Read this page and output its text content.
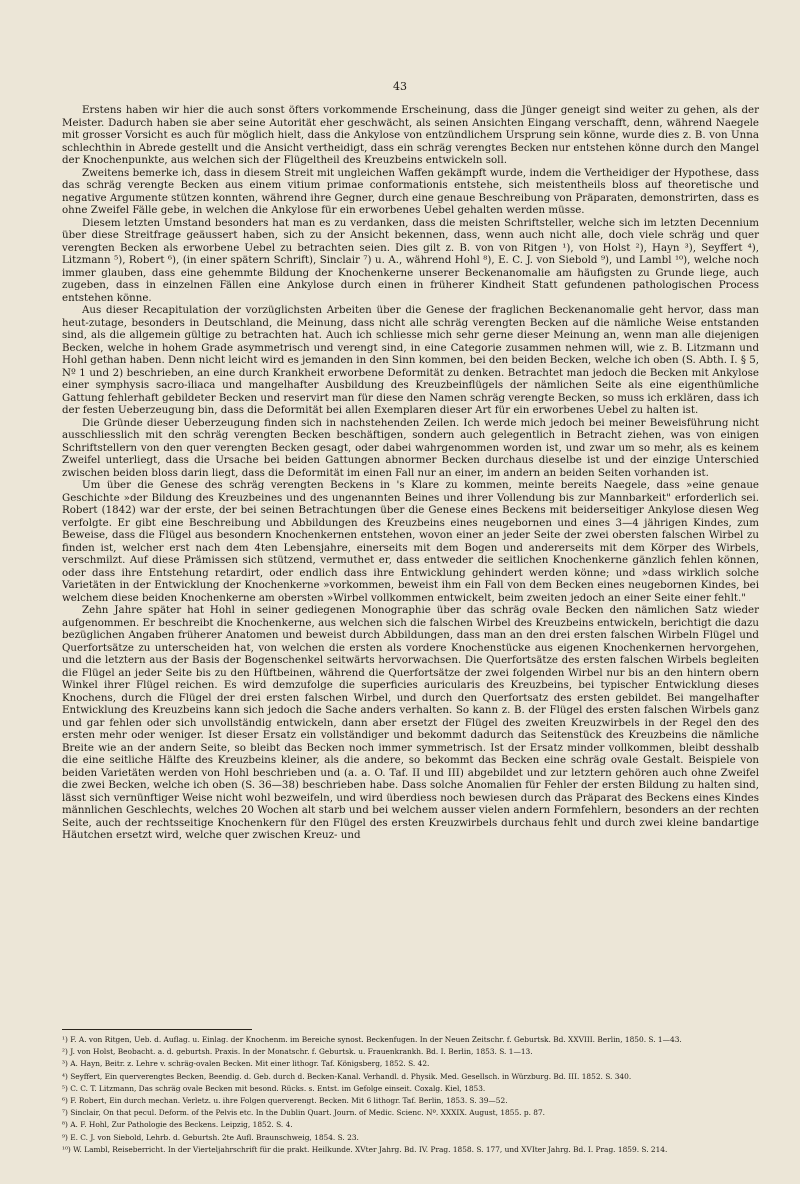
43

Erstens haben wir hier die auch sonst öfters vorkommende Erscheinung, dass die Jünger geneigt sind weiter zu gehen, als der Meister. Dadurch haben sie aber seine Autorität eher geschwächt, als seinen Ansichten Eingang verschafft, denn, während Naegele mit grosser Vorsicht es auch für möglich hielt, dass die Ankylose von entzündlichem Ursprung sein könne, wurde dies z. B. von Unna schlechthin in Abrede gestellt und die Ansicht vertheidigt, dass ein schräg verengtes Becken nur entstehen könne durch den Mangel der Knochenpunkte, aus welchen sich der Flügeltheil des Kreuzbeins entwickeln soll.

Zweitens bemerke ich, dass in diesem Streit mit ungleichen Waffen gekämpft wurde, indem die Vertheidiger der Hypothese, dass das schräg verengte Becken aus einem vitium primae conformationis entstehe, sich meistentheils bloss auf theoretische und negative Argumente stützen konnten, während ihre Gegner, durch eine genaue Beschreibung von Präparaten, demonstrirten, dass es ohne Zweifel Fälle gebe, in welchen die Ankylose für ein erworbenes Uebel gehalten werden müsse.

Diesem letzten Umstand besonders hat man es zu verdanken, dass die meisten Schriftsteller, welche sich im letzten Decennium über diese Streitfrage geäussert haben, sich zu der Ansicht bekennen, dass, wenn auch nicht alle, doch viele schräg und quer verengten Becken als erworbene Uebel zu betrachten seien. Dies gilt z. B. von von Ritgen ¹), von Holst ²), Hayn ³), Seyffert ⁴), Litzmann ⁵), Robert ⁶), (in einer spätern Schrift), Sinclair ⁷) u. A., während Hohl ⁸), E. C. J. von Siebold ⁹), und Lambl ¹⁰), welche noch immer glauben, dass eine gehemmte Bildung der Knochenkerne unserer Beckenanomalie am häufigsten zu Grunde liege, auch zugeben, dass in einzelnen Fällen eine Ankylose durch einen in früherer Kindheit Statt gefundenen pathologischen Process entstehen könne.

Aus dieser Recapitulation der vorzüglichsten Arbeiten über die Genese der fraglichen Beckenanomalie geht hervor, dass man heut-zutage, besonders in Deutschland, die Meinung, dass nicht alle schräg verengten Becken auf die nämliche Weise entstanden sind, als die allgemein gültige zu betrachten hat. Auch ich schliesse mich sehr gerne dieser Meinung an, wenn man alle diejenigen Becken, welche in hohem Grade asymmetrisch und verengt sind, in eine Categorie zusammen nehmen will, wie z. B. Litzmann und Hohl gethan haben. Denn nicht leicht wird es jemanden in den Sinn kommen, bei den beiden Becken, welche ich oben (S. Abth. I. § 5, Nº 1 und 2) beschrieben, an eine durch Krankheit erworbene Deformität zu denken. Betrachtet man jedoch die Becken mit Ankylose einer symphysis sacro-iliaca und mangelhafter Ausbildung des Kreuzbeinflügels der nämlichen Seite als eine eigenthümliche Gattung fehlerhaft gebildeter Becken und reservirt man für diese den Namen schräg verengte Becken, so muss ich erklären, dass ich der festen Ueberzeugung bin, dass die Deformität bei allen Exemplaren dieser Art für ein erworbenes Uebel zu halten ist.

Die Gründe dieser Ueberzeugung finden sich in nachstehenden Zeilen. Ich werde mich jedoch bei meiner Beweisführung nicht ausschliesslich mit den schräg verengten Becken beschäftigen, sondern auch gelegentlich in Betracht ziehen, was von einigen Schriftstellern von den quer verengten Becken gesagt, oder dabei wahrgenommen worden ist, und zwar um so mehr, als es keinem Zweifel unterliegt, dass die Ursache bei beiden Gattungen abnormer Becken durchaus dieselbe ist und der einzige Unterschied zwischen beiden bloss darin liegt, dass die Deformität im einen Fall nur an einer, im andern an beiden Seiten vorhanden ist.

Um über die Genese des schräg verengten Beckens in 's Klare zu kommen, meinte bereits Naegele, dass »eine genaue Geschichte »der Bildung des Kreuzbeines und des ungenannten Beines und ihrer Vollendung bis zur Mannbarkeit" erforderlich sei. Robert (1842) war der erste, der bei seinen Betrachtungen über die Genese eines Beckens mit beiderseitiger Ankylose diesen Weg verfolgte. Er gibt eine Beschreibung und Abbildungen des Kreuzbeins eines neugebornen und eines 3—4 jährigen Kindes, zum Beweise, dass die Flügel aus besondern Knochenkernen entstehen, wovon einer an jeder Seite der zwei obersten falschen Wirbel zu finden ist, welcher erst nach dem 4ten Lebensjahre, einerseits mit dem Bogen und andererseits mit dem Körper des Wirbels, verschmilzt. Auf diese Prämissen sich stützend, vermuthet er, dass entweder die seitlichen Knochenkerne gänzlich fehlen können, oder dass ihre Entstehung retardirt, oder endlich dass ihre Entwicklung gehindert werden könne; und »dass wirklich solche Varietäten in der Entwicklung der Knochenkerne »vorkommen, beweist ihm ein Fall von dem Becken eines neugebornen Kindes, bei welchem diese beiden Knochenkerne am obersten »Wirbel vollkommen entwickelt, beim zweiten jedoch an einer Seite einer fehlt."

Zehn Jahre später hat Hohl in seiner gediegenen Monographie über das schräg ovale Becken den nämlichen Satz wieder aufgenommen. Er beschreibt die Knochenkerne, aus welchen sich die falschen Wirbel des Kreuzbeins entwickeln, berichtigt die dazu bezüglichen Angaben früherer Anatomen und beweist durch Abbildungen, dass man an den drei ersten falschen Wirbeln Flügel und Querfortsätze zu unterscheiden hat, von welchen die ersten als vordere Knochenstücke aus eigenen Knochenkernen hervorgehen, und die letztern aus der Basis der Bogenschenkel seitwärts hervorwachsen. Die Querfortsätze des ersten falschen Wirbels begleiten die Flügel an jeder Seite bis zu den Hüftbeinen, während die Querfortsätze der zwei folgenden Wirbel nur bis an den hintern obern Winkel ihrer Flügel reichen. Es wird demzufolge die superficies auricularis des Kreuzbeins, bei typischer Entwicklung dieses Knochens, durch die Flügel der drei ersten falschen Wirbel, und durch den Querfortsatz des ersten gebildet. Bei mangelhafter Entwicklung des Kreuzbeins kann sich jedoch die Sache anders verhalten. So kann z. B. der Flügel des ersten falschen Wirbels ganz und gar fehlen oder sich unvollständig entwickeln, dann aber ersetzt der Flügel des zweiten Kreuzwirbels in der Regel den des ersten mehr oder weniger. Ist dieser Ersatz ein vollständiger und bekommt dadurch das Seitenstück des Kreuzbeins die nämliche Breite wie an der andern Seite, so bleibt das Becken noch immer symmetrisch. Ist der Ersatz minder vollkommen, bleibt desshalb die eine seitliche Hälfte des Kreuzbeins kleiner, als die andere, so bekommt das Becken eine schräg ovale Gestalt. Beispiele von beiden Varietäten werden von Hohl beschrieben und (a. a. O. Taf. II und III) abgebildet und zur letztern gehören auch ohne Zweifel die zwei Becken, welche ich oben (S. 36—38) beschrieben habe. Dass solche Anomalien für Fehler der ersten Bildung zu halten sind, lässt sich vernünftiger Weise nicht wohl bezweifeln, und wird überdiess noch bewiesen durch das Präparat des Beckens eines Kindes männlichen Geschlechts, welches 20 Wochen alt starb und bei welchem ausser vielen andern Formfehlern, besonders an der rechten Seite, auch der rechtsseitige Knochenkern für den Flügel des ersten Kreuzwirbels durchaus fehlt und durch zwei kleine bandartige Häutchen ersetzt wird, welche quer zwischen Kreuz- und

¹) F. A. von Ritgen, Ueb. d. Auflag. u. Einlag. der Knochenm. im Bereiche synost. Beckenfugen. In der Neuen Zeitschr. f. Geburtsk. Bd. XXVIII. Berlin, 1850. S. 1—43.
²) J. von Holst, Beobacht. a. d. geburtsh. Praxis. In der Monatschr. f. Geburtsk. u. Frauenkrankh. Bd. I. Berlin, 1853. S. 1—13.
³) A. Hayn, Beitr. z. Lehre v. schräg-ovalen Becken. Mit einer lithogr. Taf. Königsberg, 1852. S. 42.
⁴) Seyffert, Ein querverengtes Becken, Beendig. d. Geb. durch d. Becken-Kanal. Verhandl. d. Physik. Med. Gesellsch. in Würzburg. Bd. III. 1852. S. 340.
⁵) C. C. T. Litzmann, Das schräg ovale Becken mit besond. Rücks. s. Entst. im Gefolge einseit. Coxalg. Kiel, 1853.
⁶) F. Robert, Ein durch mechan. Verletz. u. ihre Folgen querverengt. Becken. Mit 6 lithogr. Taf. Berlin, 1853. S. 39—52.
⁷) Sinclair, On that pecul. Deform. of the Pelvis etc. In the Dublin Quart. Journ. of Medic. Scienc. Nº. XXXIX. August, 1855. p. 87.
⁸) A. F. Hohl, Zur Pathologie des Beckens. Leipzig, 1852. S. 4.
⁹) E. C. J. von Siebold, Lehrb. d. Geburtsh. 2te Aufl. Braunschweig, 1854. S. 23.
¹⁰) W. Lambl, Reiseberricht. In der Vierteljahrschrift für die prakt. Heilkunde. XVter Jahrg. Bd. IV. Prag. 1858. S. 177, und XVIter Jahrg. Bd. I. Prag. 1859. S. 214.
